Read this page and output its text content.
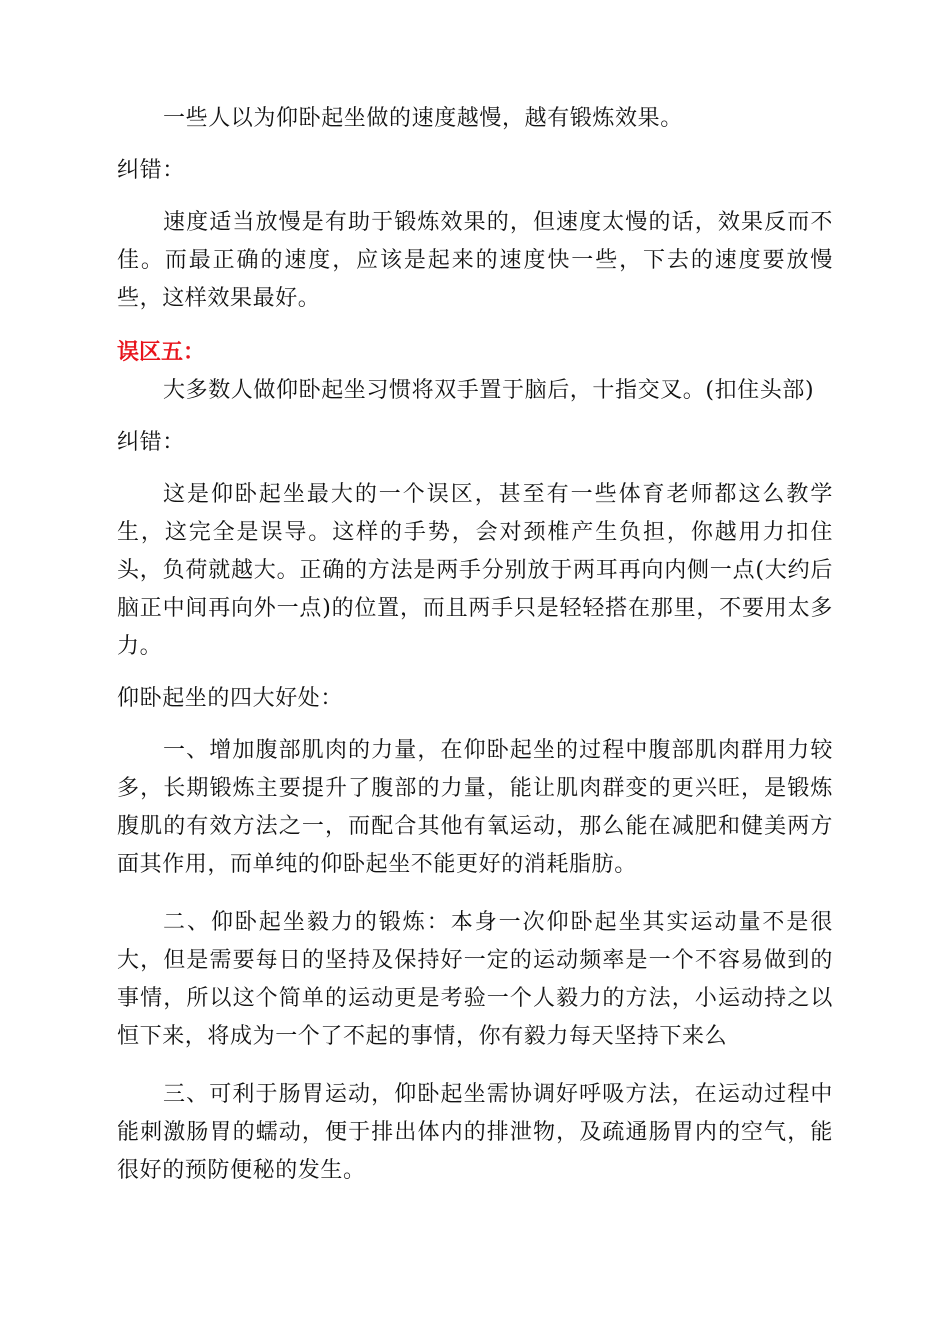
一些人以为仰卧起坐做的速度越慢，越有锻炼效果。

纠错：

速度适当放慢是有助于锻炼效果的，但速度太慢的话，效果反而不佳。而最正确的速度，应该是起来的速度快一些，下去的速度要放慢些，这样效果最好。

误区五：

大多数人做仰卧起坐习惯将双手置于脑后，十指交叉。(扣住头部)

纠错：

这是仰卧起坐最大的一个误区，甚至有一些体育老师都这么教学生，这完全是误导。这样的手势，会对颈椎产生负担，你越用力扣住头，负荷就越大。正确的方法是两手分别放于两耳再向内侧一点(大约后脑正中间再向外一点)的位置，而且两手只是轻轻搭在那里，不要用太多力。

仰卧起坐的四大好处：

一、增加腹部肌肉的力量，在仰卧起坐的过程中腹部肌肉群用力较多，长期锻炼主要提升了腹部的力量，能让肌肉群变的更兴旺，是锻炼腹肌的有效方法之一，而配合其他有氧运动，那么能在减肥和健美两方面其作用，而单纯的仰卧起坐不能更好的消耗脂肪。

二、仰卧起坐毅力的锻炼：本身一次仰卧起坐其实运动量不是很大，但是需要每日的坚持及保持好一定的运动频率是一个不容易做到的事情，所以这个简单的运动更是考验一个人毅力的方法，小运动持之以恒下来，将成为一个了不起的事情，你有毅力每天坚持下来么

三、可利于肠胃运动，仰卧起坐需协调好呼吸方法，在运动过程中能刺激肠胃的蠕动，便于排出体内的排泄物，及疏通肠胃内的空气，能很好的预防便秘的发生。
